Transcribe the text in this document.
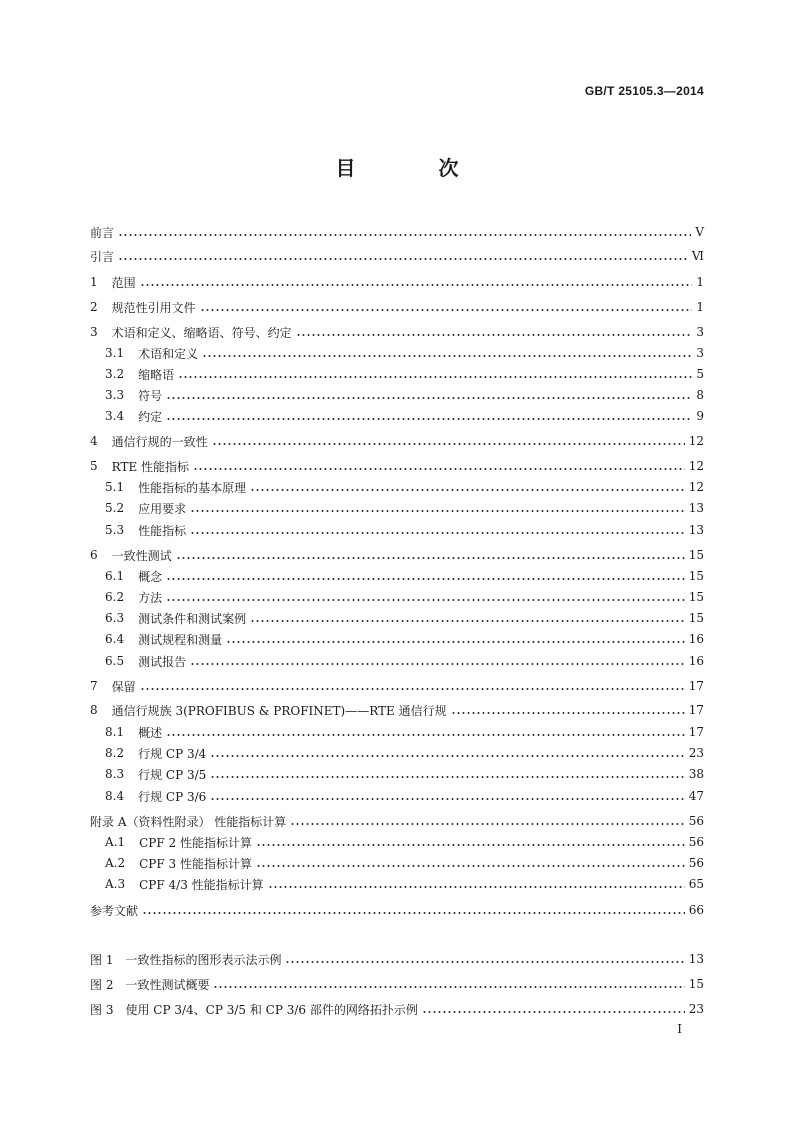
GB/T 25105.3—2014
目 次
前言	V
引言	Ⅵ
1 范围	1
2 规范性引用文件	1
3 术语和定义、缩略语、符号、约定	3
3.1 术语和定义	3
3.2 缩略语	5
3.3 符号	8
3.4 约定	9
4 通信行规的一致性	12
5 RTE 性能指标	12
5.1 性能指标的基本原理	12
5.2 应用要求	13
5.3 性能指标	13
6 一致性测试	15
6.1 概念	15
6.2 方法	15
6.3 测试条件和测试案例	15
6.4 测试规程和测量	16
6.5 测试报告	16
7 保留	17
8 通信行规族 3(PROFIBUS & PROFINET)——RTE 通信行规	17
8.1 概述	17
8.2 行规 CP 3/4	23
8.3 行规 CP 3/5	38
8.4 行规 CP 3/6	47
附录 A（资料性附录） 性能指标计算	56
A.1 CPF 2 性能指标计算	56
A.2 CPF 3 性能指标计算	56
A.3 CPF 4/3 性能指标计算	65
参考文献	66
图 1 一致性指标的图形表示法示例	13
图 2 一致性测试概要	15
图 3 使用 CP 3/4、CP 3/5 和 CP 3/6 部件的网络拓扑示例	23
I
